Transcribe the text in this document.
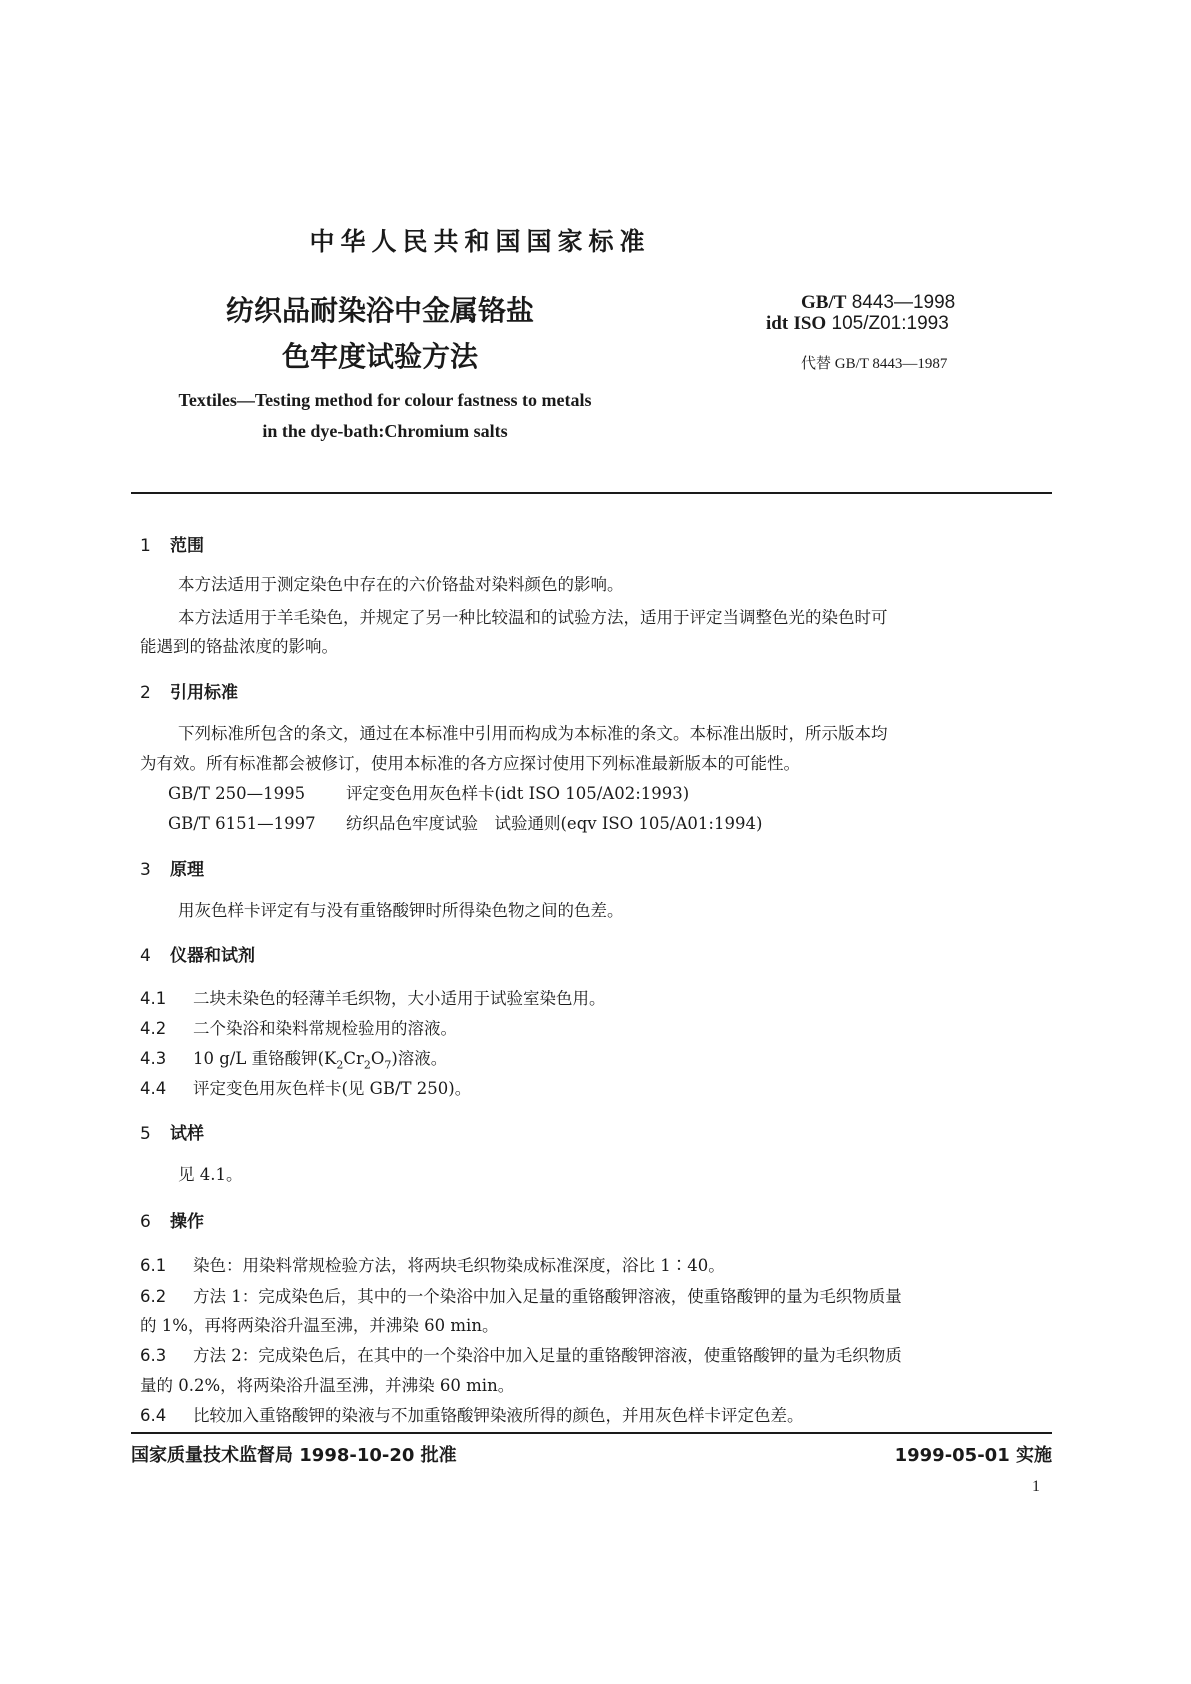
中华人民共和国国家标准
纺织品耐染浴中金属铬盐
色牢度试验方法
GB/T 8443—1998
idt ISO 105/Z01:1993
代替 GB/T 8443—1987
Textiles—Testing method for colour fastness to metals
in the dye-bath:Chromium salts
1 范围
本方法适用于测定染色中存在的六价铬盐对染料颜色的影响。
本方法适用于羊毛染色，并规定了另一种比较温和的试验方法，适用于评定当调整色光的染色时可
能遇到的铬盐浓度的影响。
2 引用标准
下列标准所包含的条文，通过在本标准中引用而构成为本标准的条文。本标准出版时，所示版本均
为有效。所有标准都会被修订，使用本标准的各方应探讨使用下列标准最新版本的可能性。
GB/T 250—1995 评定变色用灰色样卡(idt ISO 105/A02:1993)
GB/T 6151—1997 纺织品色牢度试验　试验通则(eqv ISO 105/A01:1994)
3 原理
用灰色样卡评定有与没有重铬酸钾时所得染色物之间的色差。
4 仪器和试剂
4.1 二块未染色的轻薄羊毛织物，大小适用于试验室染色用。
4.2 二个染浴和染料常规检验用的溶液。
4.3 10 g/L 重铬酸钾$(K_2Cr_2O_7)$溶液。
4.4 评定变色用灰色样卡(见 GB/T 250)。
5 试样
见 4.1。
6 操作
6.1 染色：用染料常规检验方法，将两块毛织物染成标准深度，浴比 1∶40。
6.2 方法 1：完成染色后，其中的一个染浴中加入足量的重铬酸钾溶液，使重铬酸钾的量为毛织物质量
的 1%，再将两染浴升温至沸，并沸染 60 min。
6.3 方法 2：完成染色后，在其中的一个染浴中加入足量的重铬酸钾溶液，使重铬酸钾的量为毛织物质
量的 0.2%，将两染浴升温至沸，并沸染 60 min。
6.4 比较加入重铬酸钾的染液与不加重铬酸钾染液所得的颜色，并用灰色样卡评定色差。
国家质量技术监督局 1998-10-20 批准	1999-05-01 实施
1
